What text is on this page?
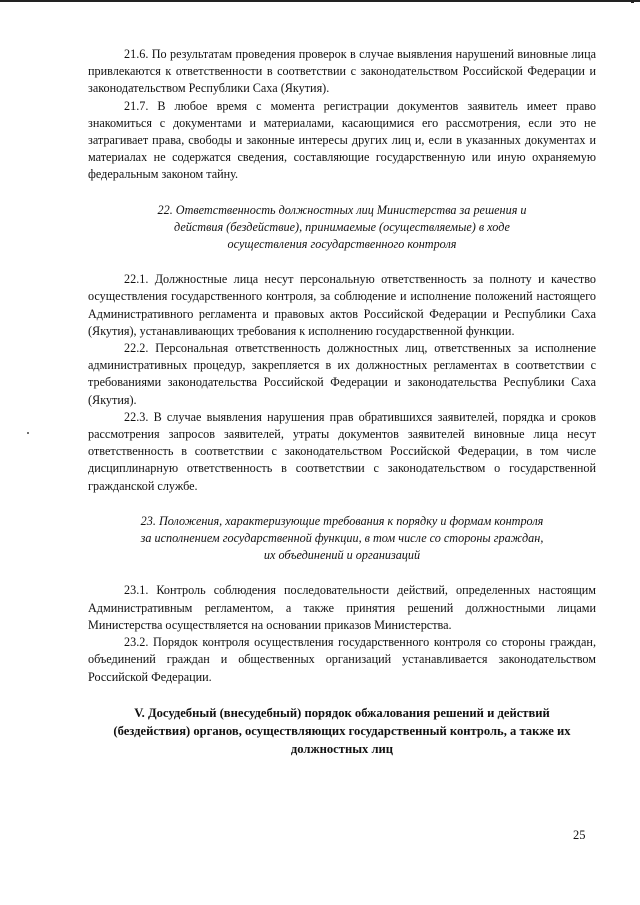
21.6. По результатам проведения проверок в случае выявления нарушений виновные лица привлекаются к ответственности в соответствии с законодательством Российской Федерации и законодательством Республики Саха (Якутия).

21.7. В любое время с момента регистрации документов заявитель имеет право знакомиться с документами и материалами, касающимися его рассмотрения, если это не затрагивает права, свободы и законные интересы других лиц и, если в указанных документах и материалах не содержатся сведения, составляющие государственную или иную охраняемую федеральным законом тайну.

22. Ответственность должностных лиц Министерства за решения и действия (бездействие), принимаемые (осуществляемые) в ходе осуществления государственного контроля

22.1. Должностные лица несут персональную ответственность за полноту и качество осуществления государственного контроля, за соблюдение и исполнение положений настоящего Административного регламента и правовых актов Российской Федерации и Республики Саха (Якутия), устанавливающих требования к исполнению государственной функции.

22.2. Персональная ответственность должностных лиц, ответственных за исполнение административных процедур, закрепляется в их должностных регламентах в соответствии с требованиями законодательства Российской Федерации и законодательства Республики Саха (Якутия).

22.3. В случае выявления нарушения прав обратившихся заявителей, порядка и сроков рассмотрения запросов заявителей, утраты документов заявителей виновные лица несут ответственность в соответствии с законодательством Российской Федерации, в том числе дисциплинарную ответственность в соответствии с законодательством о государственной гражданской службе.

23. Положения, характеризующие требования к порядку и формам контроля за исполнением государственной функции, в том числе со стороны граждан, их объединений и организаций

23.1. Контроль соблюдения последовательности действий, определенных настоящим Административным регламентом, а также принятия решений должностными лицами Министерства осуществляется на основании приказов Министерства.

23.2. Порядок контроля осуществления государственного контроля со стороны граждан, объединений граждан и общественных организаций устанавливается законодательством Российской Федерации.

V. Досудебный (внесудебный) порядок обжалования решений и действий (бездействия) органов, осуществляющих государственный контроль, а также их должностных лиц
25
